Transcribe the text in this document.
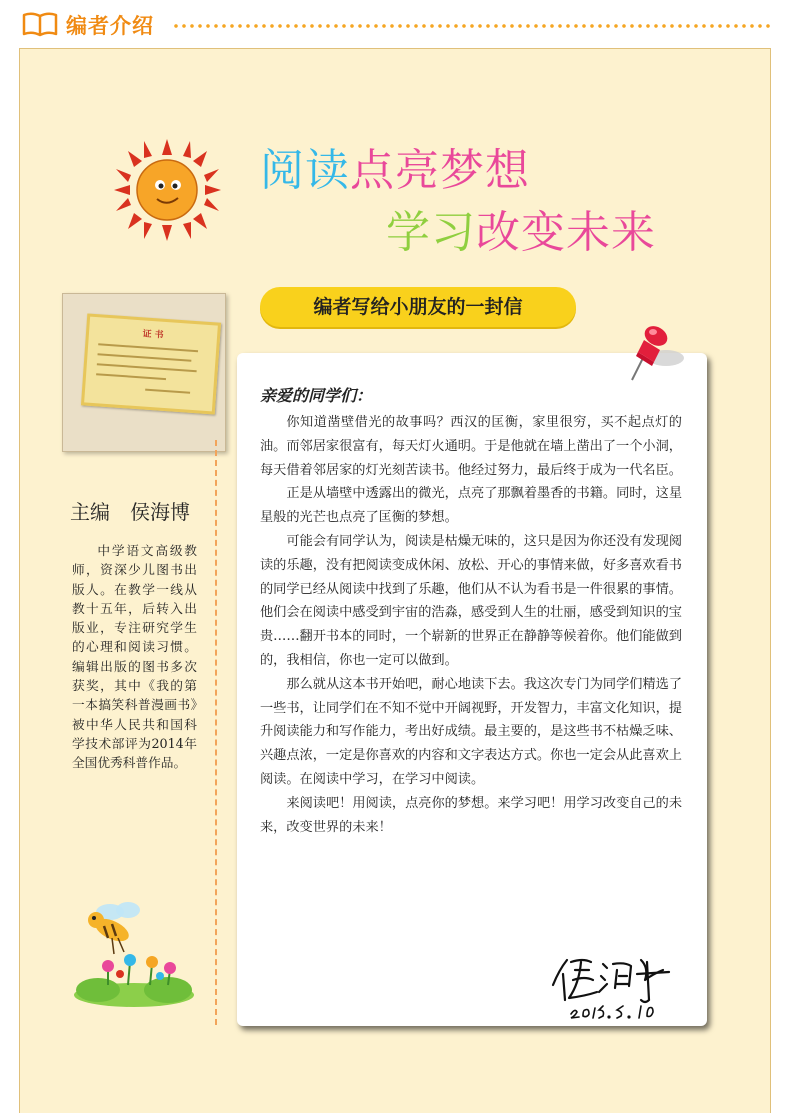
编者介绍
阅读点亮梦想
学习改变未来
编者写给小朋友的一封信
证 书
主编　侯海博
中学语文高级教师，资深少儿图书出版人。在教学一线从教十五年，后转入出版业，专注研究学生的心理和阅读习惯。编辑出版的图书多次获奖，其中《我的第一本搞笑科普漫画书》被中华人民共和国科学技术部评为2014年全国优秀科普作品。
亲爱的同学们：

你知道凿壁借光的故事吗？西汉的匡衡，家里很穷，买不起点灯的油。而邻居家很富有，每天灯火通明。于是他就在墙上凿出了一个小洞，每天借着邻居家的灯光刻苦读书。他经过努力，最后终于成为一代名臣。

正是从墙壁中透露出的微光，点亮了那飘着墨香的书籍。同时，这星星般的光芒也点亮了匡衡的梦想。

可能会有同学认为，阅读是枯燥无味的，这只是因为你还没有发现阅读的乐趣，没有把阅读变成休闲、放松、开心的事情来做，好多喜欢看书的同学已经从阅读中找到了乐趣，他们从不认为看书是一件很累的事情。他们会在阅读中感受到宇宙的浩淼，感受到人生的壮丽，感受到知识的宝贵……翻开书本的同时，一个崭新的世界正在静静等候着你。他们能做到的，我相信，你也一定可以做到。

那么就从这本书开始吧，耐心地读下去。我这次专门为同学们精选了一些书，让同学们在不知不觉中开阔视野，开发智力，丰富文化知识，提升阅读能力和写作能力，考出好成绩。最主要的，是这些书不枯燥乏味、兴趣点浓，一定是你喜欢的内容和文字表达方式。你也一定会从此喜欢上阅读。在阅读中学习，在学习中阅读。

来阅读吧！用阅读，点亮你的梦想。来学习吧！用学习改变自己的未来，改变世界的未来！
